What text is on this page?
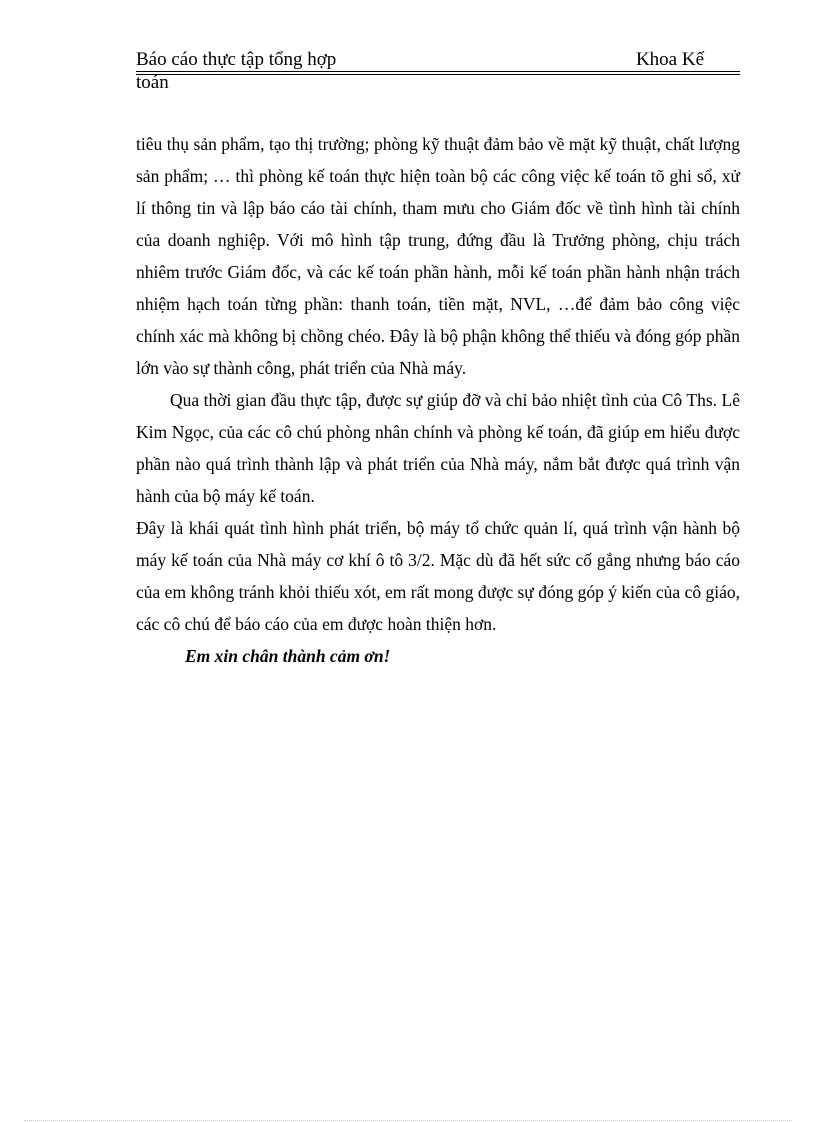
Báo cáo thực tập tổng hợp	Khoa Kế
toán

tiêu thụ sản phẩm, tạo thị trường; phòng kỹ thuật đảm bảo về mặt kỹ thuật, chất lượng sản phẩm; … thì phòng kế toán thực hiện toàn bộ các công việc kế toán tõ ghi sổ, xử lí thông tin và lập báo cáo tài chính, tham mưu cho Giám đốc về tình hình tài chính của doanh nghiệp. Với mô hình tập trung, đứng đầu là Trưởng phòng, chịu trách nhiêm trước Giám đốc, và các kế toán phần hành, mỗi kế toán phần hành nhận trách nhiệm hạch toán từng phần: thanh toán, tiền mặt, NVL, …để đảm bảo công việc chính xác mà không bị chồng chéo. Đây là bộ phận không thể thiếu và đóng góp phần lớn vào sự thành công, phát triển của Nhà máy.

Qua thời gian đầu thực tập, được sự giúp đỡ và chỉ bảo nhiệt tình của Cô Ths. Lê Kim Ngọc, của các cô chú phòng nhân chính và phòng kế toán, đã giúp em hiểu được phần nào quá trình thành lập và phát triển của Nhà máy, nắm bắt được quá trình vận hành của bộ máy kế toán.

Đây là khái quát tình hình phát triển, bộ máy tổ chức quản lí, quá trình vận hành bộ máy kế toán của Nhà máy cơ khí ô tô 3/2. Mặc dù đã hết sức cố gắng nhưng báo cáo của em không tránh khỏi thiếu xót, em rất mong được sự đóng góp ý kiến của cô giáo, các cô chú để báo cáo của em được hoàn thiện hơn.

Em xin chân thành cảm ơn!
